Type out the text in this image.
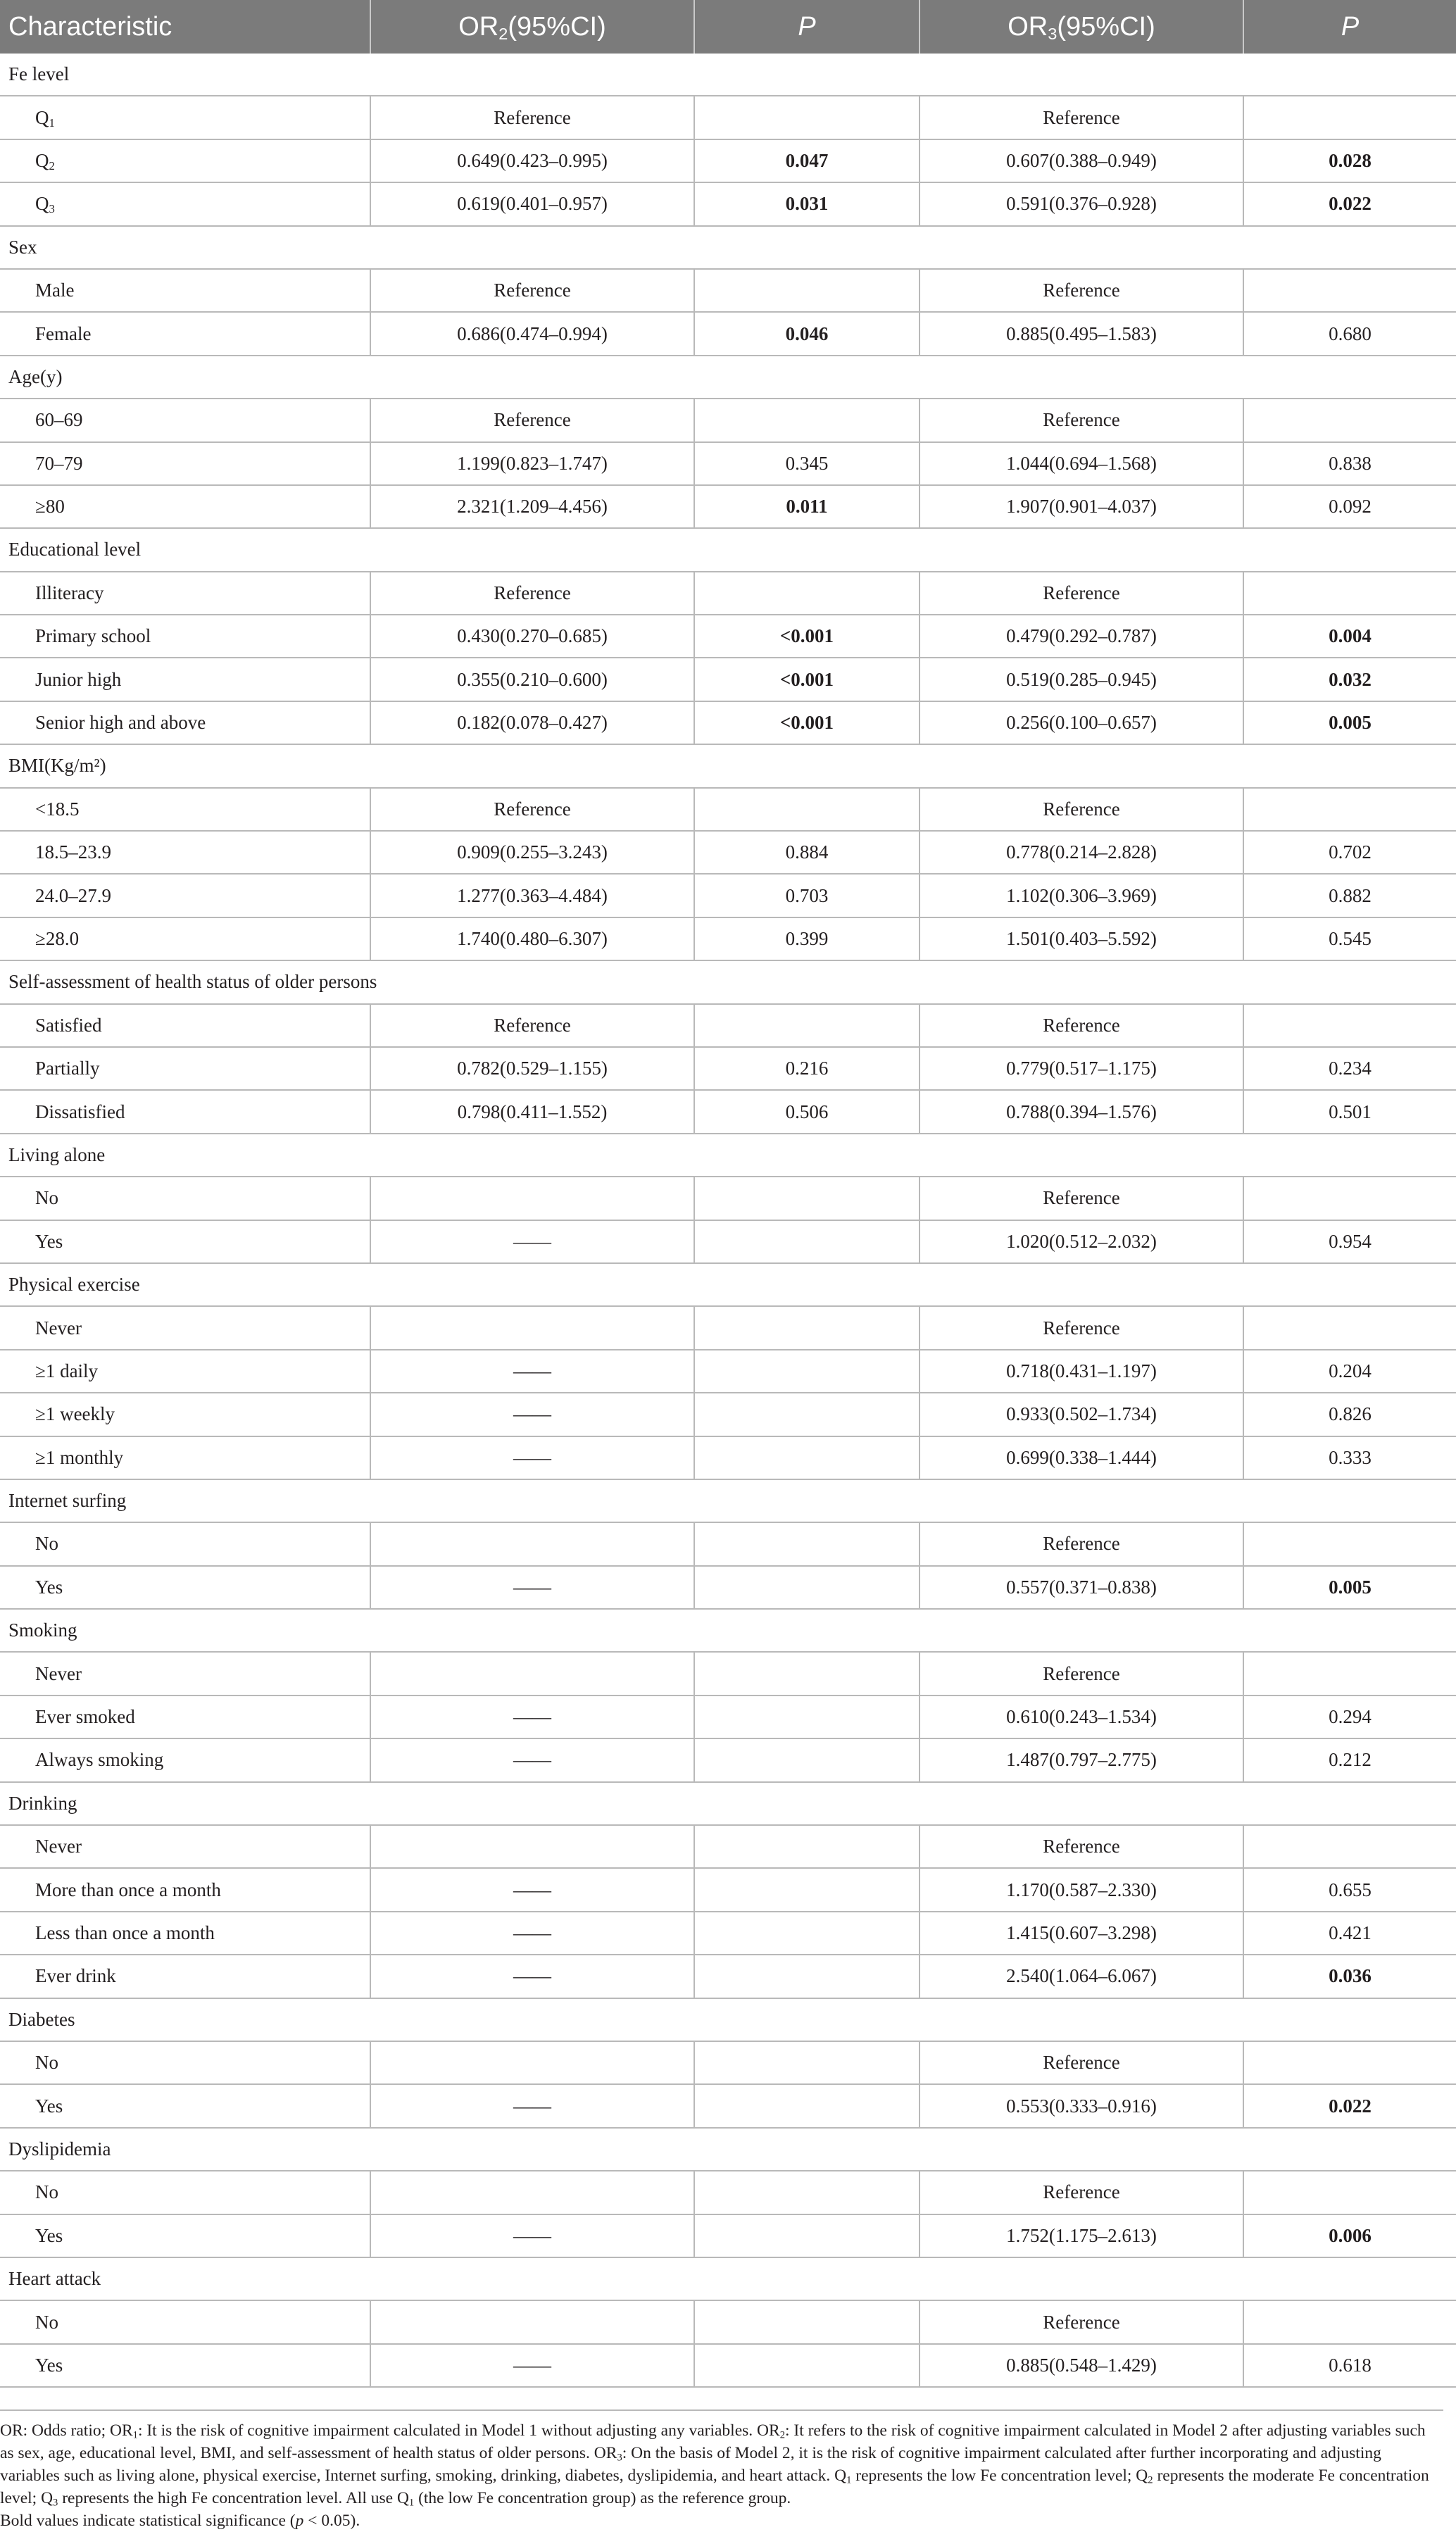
Characteristic	$OR_2(95\%CI)$	P	$OR_3(95\%CI)$	P
Fe level				
$Q_1$	Reference		Reference	
$Q_2$	0.649(0.423–0.995)	0.047	0.607(0.388–0.949)	0.028
$Q_3$	0.619(0.401–0.957)	0.031	0.591(0.376–0.928)	0.022
Sex				
Male	Reference		Reference	
Female	0.686(0.474–0.994)	0.046	0.885(0.495–1.583)	0.680
Age(y)				
60–69	Reference		Reference	
70–79	1.199(0.823–1.747)	0.345	1.044(0.694–1.568)	0.838
≥80	2.321(1.209–4.456)	0.011	1.907(0.901–4.037)	0.092
Educational level				
Illiteracy	Reference		Reference	
Primary school	0.430(0.270–0.685)	<0.001	0.479(0.292–0.787)	0.004
Junior high	0.355(0.210–0.600)	<0.001	0.519(0.285–0.945)	0.032
Senior high and above	0.182(0.078–0.427)	<0.001	0.256(0.100–0.657)	0.005
BMI(Kg/m²)				
<18.5	Reference		Reference	
18.5–23.9	0.909(0.255–3.243)	0.884	0.778(0.214–2.828)	0.702
24.0–27.9	1.277(0.363–4.484)	0.703	1.102(0.306–3.969)	0.882
≥28.0	1.740(0.480–6.307)	0.399	1.501(0.403–5.592)	0.545
Self-assessment of health status of older persons				
Satisfied	Reference		Reference	
Partially	0.782(0.529–1.155)	0.216	0.779(0.517–1.175)	0.234
Dissatisfied	0.798(0.411–1.552)	0.506	0.788(0.394–1.576)	0.501
Living alone				
No			Reference	
Yes	——		1.020(0.512–2.032)	0.954
Physical exercise				
Never			Reference	
≥1 daily	——		0.718(0.431–1.197)	0.204
≥1 weekly	——		0.933(0.502–1.734)	0.826
≥1 monthly	——		0.699(0.338–1.444)	0.333
Internet surfing				
No			Reference	
Yes	——		0.557(0.371–0.838)	0.005
Smoking				
Never			Reference	
Ever smoked	——		0.610(0.243–1.534)	0.294
Always smoking	——		1.487(0.797–2.775)	0.212
Drinking				
Never			Reference	
More than once a month	——		1.170(0.587–2.330)	0.655
Less than once a month	——		1.415(0.607–3.298)	0.421
Ever drink	——		2.540(1.064–6.067)	0.036
Diabetes				
No			Reference	
Yes	——		0.553(0.333–0.916)	0.022
Dyslipidemia				
No			Reference	
Yes	——		1.752(1.175–2.613)	0.006
Heart attack				
No			Reference	
Yes	——		0.885(0.548–1.429)	0.618

OR: Odds ratio; $OR_1$: It is the risk of cognitive impairment calculated in Model 1 without adjusting any variables. $OR_2$: It refers to the risk of cognitive impairment calculated in Model 2 after adjusting variables such as sex, age, educational level, BMI, and self-assessment of health status of older persons. $OR_3$: On the basis of Model 2, it is the risk of cognitive impairment calculated after further incorporating and adjusting variables such as living alone, physical exercise, Internet surfing, smoking, drinking, diabetes, dyslipidemia, and heart attack. $Q_1$ represents the low Fe concentration level; $Q_2$ represents the moderate Fe concentration level; $Q_3$ represents the high Fe concentration level. All use $Q_1$ (the low Fe concentration group) as the reference group.

Bold values indicate statistical significance (p < 0.05).
